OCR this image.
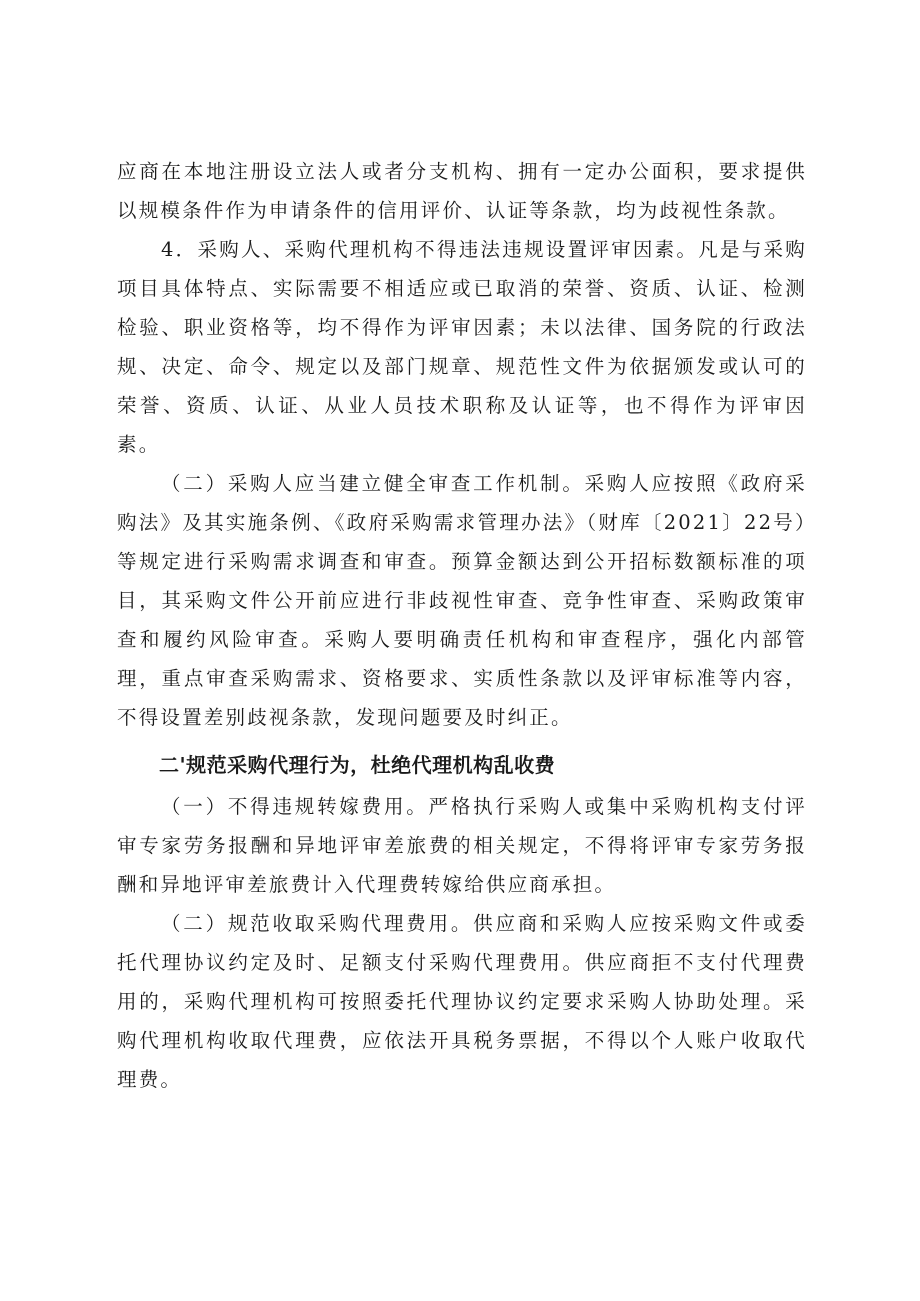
应商在本地注册设立法人或者分支机构、拥有一定办公面积，要求提供以规模条件作为申请条件的信用评价、认证等条款，均为歧视性条款。

4．采购人、采购代理机构不得违法违规设置评审因素。凡是与采购项目具体特点、实际需要不相适应或已取消的荣誉、资质、认证、检测检验、职业资格等，均不得作为评审因素；未以法律、国务院的行政法规、决定、命令、规定以及部门规章、规范性文件为依据颁发或认可的荣誉、资质、认证、从业人员技术职称及认证等，也不得作为评审因素。

（二）采购人应当建立健全审查工作机制。采购人应按照《政府采购法》及其实施条例、《政府采购需求管理办法》（财库〔2021〕22号）等规定进行采购需求调查和审查。预算金额达到公开招标数额标准的项目，其采购文件公开前应进行非歧视性审查、竞争性审查、采购政策审查和履约风险审查。采购人要明确责任机构和审查程序，强化内部管理，重点审查采购需求、资格要求、实质性条款以及评审标准等内容，不得设置差别歧视条款，发现问题要及时纠正。

二'规范采购代理行为，杜绝代理机构乱收费

（一）不得违规转嫁费用。严格执行采购人或集中采购机构支付评审专家劳务报酬和异地评审差旅费的相关规定，不得将评审专家劳务报酬和异地评审差旅费计入代理费转嫁给供应商承担。

（二）规范收取采购代理费用。供应商和采购人应按采购文件或委托代理协议约定及时、足额支付采购代理费用。供应商拒不支付代理费用的，采购代理机构可按照委托代理协议约定要求采购人协助处理。采购代理机构收取代理费，应依法开具税务票据，不得以个人账户收取代理费。
